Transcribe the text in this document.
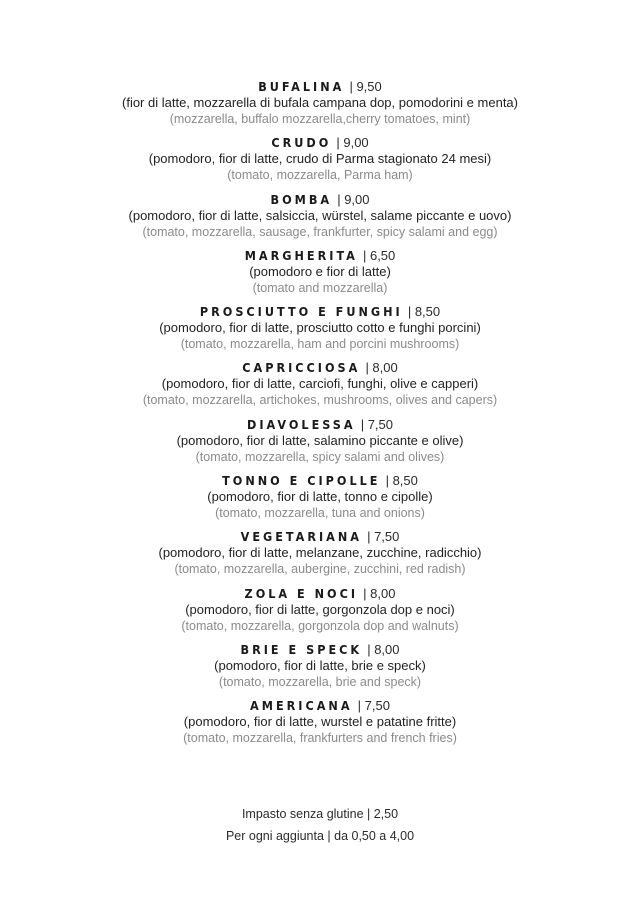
BUFALINA | 9,50
(fior di latte, mozzarella di bufala campana dop, pomodorini e menta)
(mozzarella, buffalo mozzarella,cherry tomatoes, mint)
CRUDO | 9,00
(pomodoro, fior di latte, crudo di Parma stagionato 24 mesi)
(tomato, mozzarella, Parma ham)
BOMBA | 9,00
(pomodoro, fior di latte, salsiccia, würstel, salame piccante e uovo)
(tomato, mozzarella, sausage, frankfurter, spicy salami and egg)
MARGHERITA | 6,50
(pomodoro e fior di latte)
(tomato and mozzarella)
PROSCIUTTO E FUNGHI | 8,50
(pomodoro, fior di latte, prosciutto cotto e funghi porcini)
(tomato, mozzarella, ham and porcini mushrooms)
CAPRICCIOSA | 8,00
(pomodoro, fior di latte, carciofi, funghi, olive e capperi)
(tomato, mozzarella, artichokes, mushrooms, olives and capers)
DIAVOLESSA | 7,50
(pomodoro, fior di latte, salamino piccante e olive)
(tomato, mozzarella, spicy salami and olives)
TONNO E CIPOLLE | 8,50
(pomodoro, fior di latte, tonno e cipolle)
(tomato, mozzarella, tuna and onions)
VEGETARIANA | 7,50
(pomodoro, fior di latte, melanzane, zucchine, radicchio)
(tomato, mozzarella, aubergine, zucchini, red radish)
ZOLA E NOCI | 8,00
(pomodoro, fior di latte, gorgonzola dop e noci)
(tomato, mozzarella, gorgonzola dop and walnuts)
BRIE E SPECK | 8,00
(pomodoro, fior di latte, brie e speck)
(tomato, mozzarella, brie and speck)
AMERICANA | 7,50
(pomodoro, fior di latte, wurstel e patatine fritte)
(tomato, mozzarella, frankfurters and french fries)
Impasto senza glutine | 2,50
Per ogni aggiunta | da 0,50 a 4,00
